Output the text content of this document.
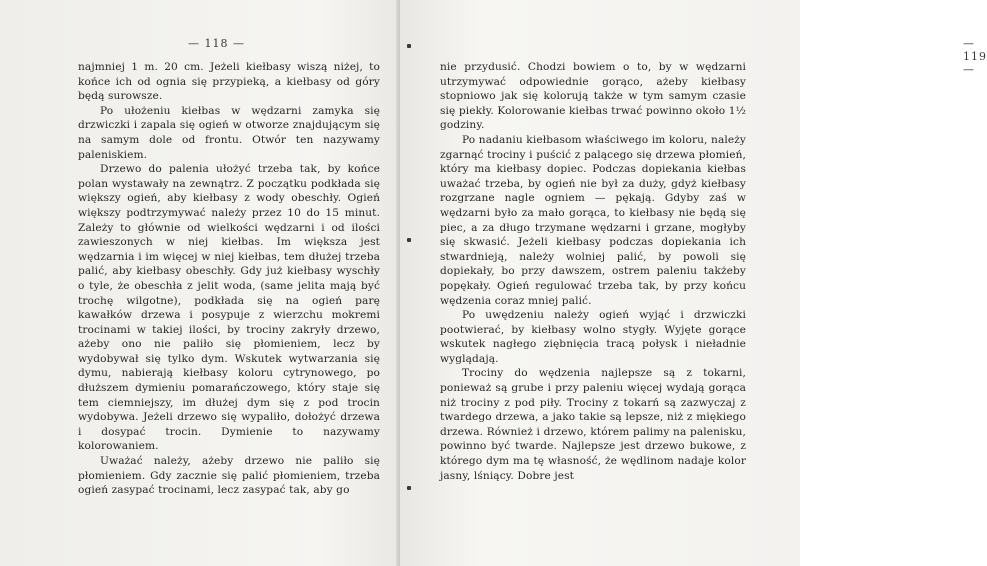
— 118 —

najmniej 1 m. 20 cm. Jeżeli kiełbasy wiszą niżej, to końce ich od ognia się przypieką, a kiełbasy od góry będą surowsze.

Po ułożeniu kiełbas w wędzarni zamyka się drzwiczki i zapala się ogień w otworze znajdującym się na samym dole od frontu. Otwór ten nazywamy paleniskiem.

Drzewo do palenia ułożyć trzeba tak, by końce polan wystawały na zewnątrz. Z początku podkłada się większy ogień, aby kiełbasy z wody obeschły. Ogień większy podtrzymywać należy przez 10 do 15 minut. Zależy to głównie od wielkości wędzarni i od ilości zawieszonych w niej kiełbas. Im większa jest wędzarnia i im więcej w niej kiełbas, tem dłużej trzeba palić, aby kiełbasy obeschły. Gdy już kiełbasy wyschły o tyle, że obeschła z jelit woda, (same jelita mają być trochę wilgotne), podkłada się na ogień parę kawałków drzewa i posypuje z wierzchu mokremi trocinami w takiej ilości, by trociny zakryły drzewo, ażeby ono nie paliło się płomieniem, lecz by wydobywał się tylko dym. Wskutek wytwarzania się dymu, nabierają kiełbasy koloru cytrynowego, po dłuższem dymieniu pomarańczowego, który staje się tem ciemniejszy, im dłużej dym się z pod trocin wydobywa. Jeżeli drzewo się wypaliło, dołożyć drzewa i dosypać trocin. Dymienie to nazywamy kolorowaniem.

Uważać należy, ażeby drzewo nie paliło się płomieniem. Gdy zacznie się palić płomieniem, trzeba ogień zasypać trocinami, lecz zasypać tak, aby go

— 119 —

nie przydusić. Chodzi bowiem o to, by w wędzarni utrzymywać odpowiednie gorąco, ażeby kiełbasy stopniowo jak się kolorują także w tym samym czasie się piekły. Kolorowanie kiełbas trwać powinno około 1½ godziny.

Po nadaniu kiełbasom właściwego im koloru, należy zgarnąć trociny i puścić z palącego się drzewa płomień, który ma kiełbasy dopiec. Podczas dopiekania kiełbas uważać trzeba, by ogień nie był za duży, gdyż kiełbasy rozgrzane nagle ogniem — pękają. Gdyby zaś w wędzarni było za mało gorąca, to kiełbasy nie będą się piec, a za długo trzymane wędzarni i grzane, mogłyby się skwasić. Jeżeli kiełbasy podczas dopiekania ich stwardnieją, należy wolniej palić, by powoli się dopiekały, bo przy dawszem, ostrem paleniu takżeby popękały. Ogień regulować trzeba tak, by przy końcu wędzenia coraz mniej palić.

Po uwędzeniu należy ogień wyjąć i drzwiczki pootwierać, by kiełbasy wolno stygły. Wyjęte gorące wskutek nagłego ziębnięcia tracą połysk i nieładnie wyglądają.

Trociny do wędzenia najlepsze są z tokarni, ponieważ są grube i przy paleniu więcej wydają gorąca niż trociny z pod piły. Trociny z tokarń są zazwyczaj z twardego drzewa, a jako takie są lepsze, niż z miękiego drzewa. Również i drzewo, którem palimy na palenisku, powinno być twarde. Najlepsze jest drzewo bukowe, z którego dym ma tę własność, że wędlinom nadaje kolor jasny, lśniący. Dobre jest
